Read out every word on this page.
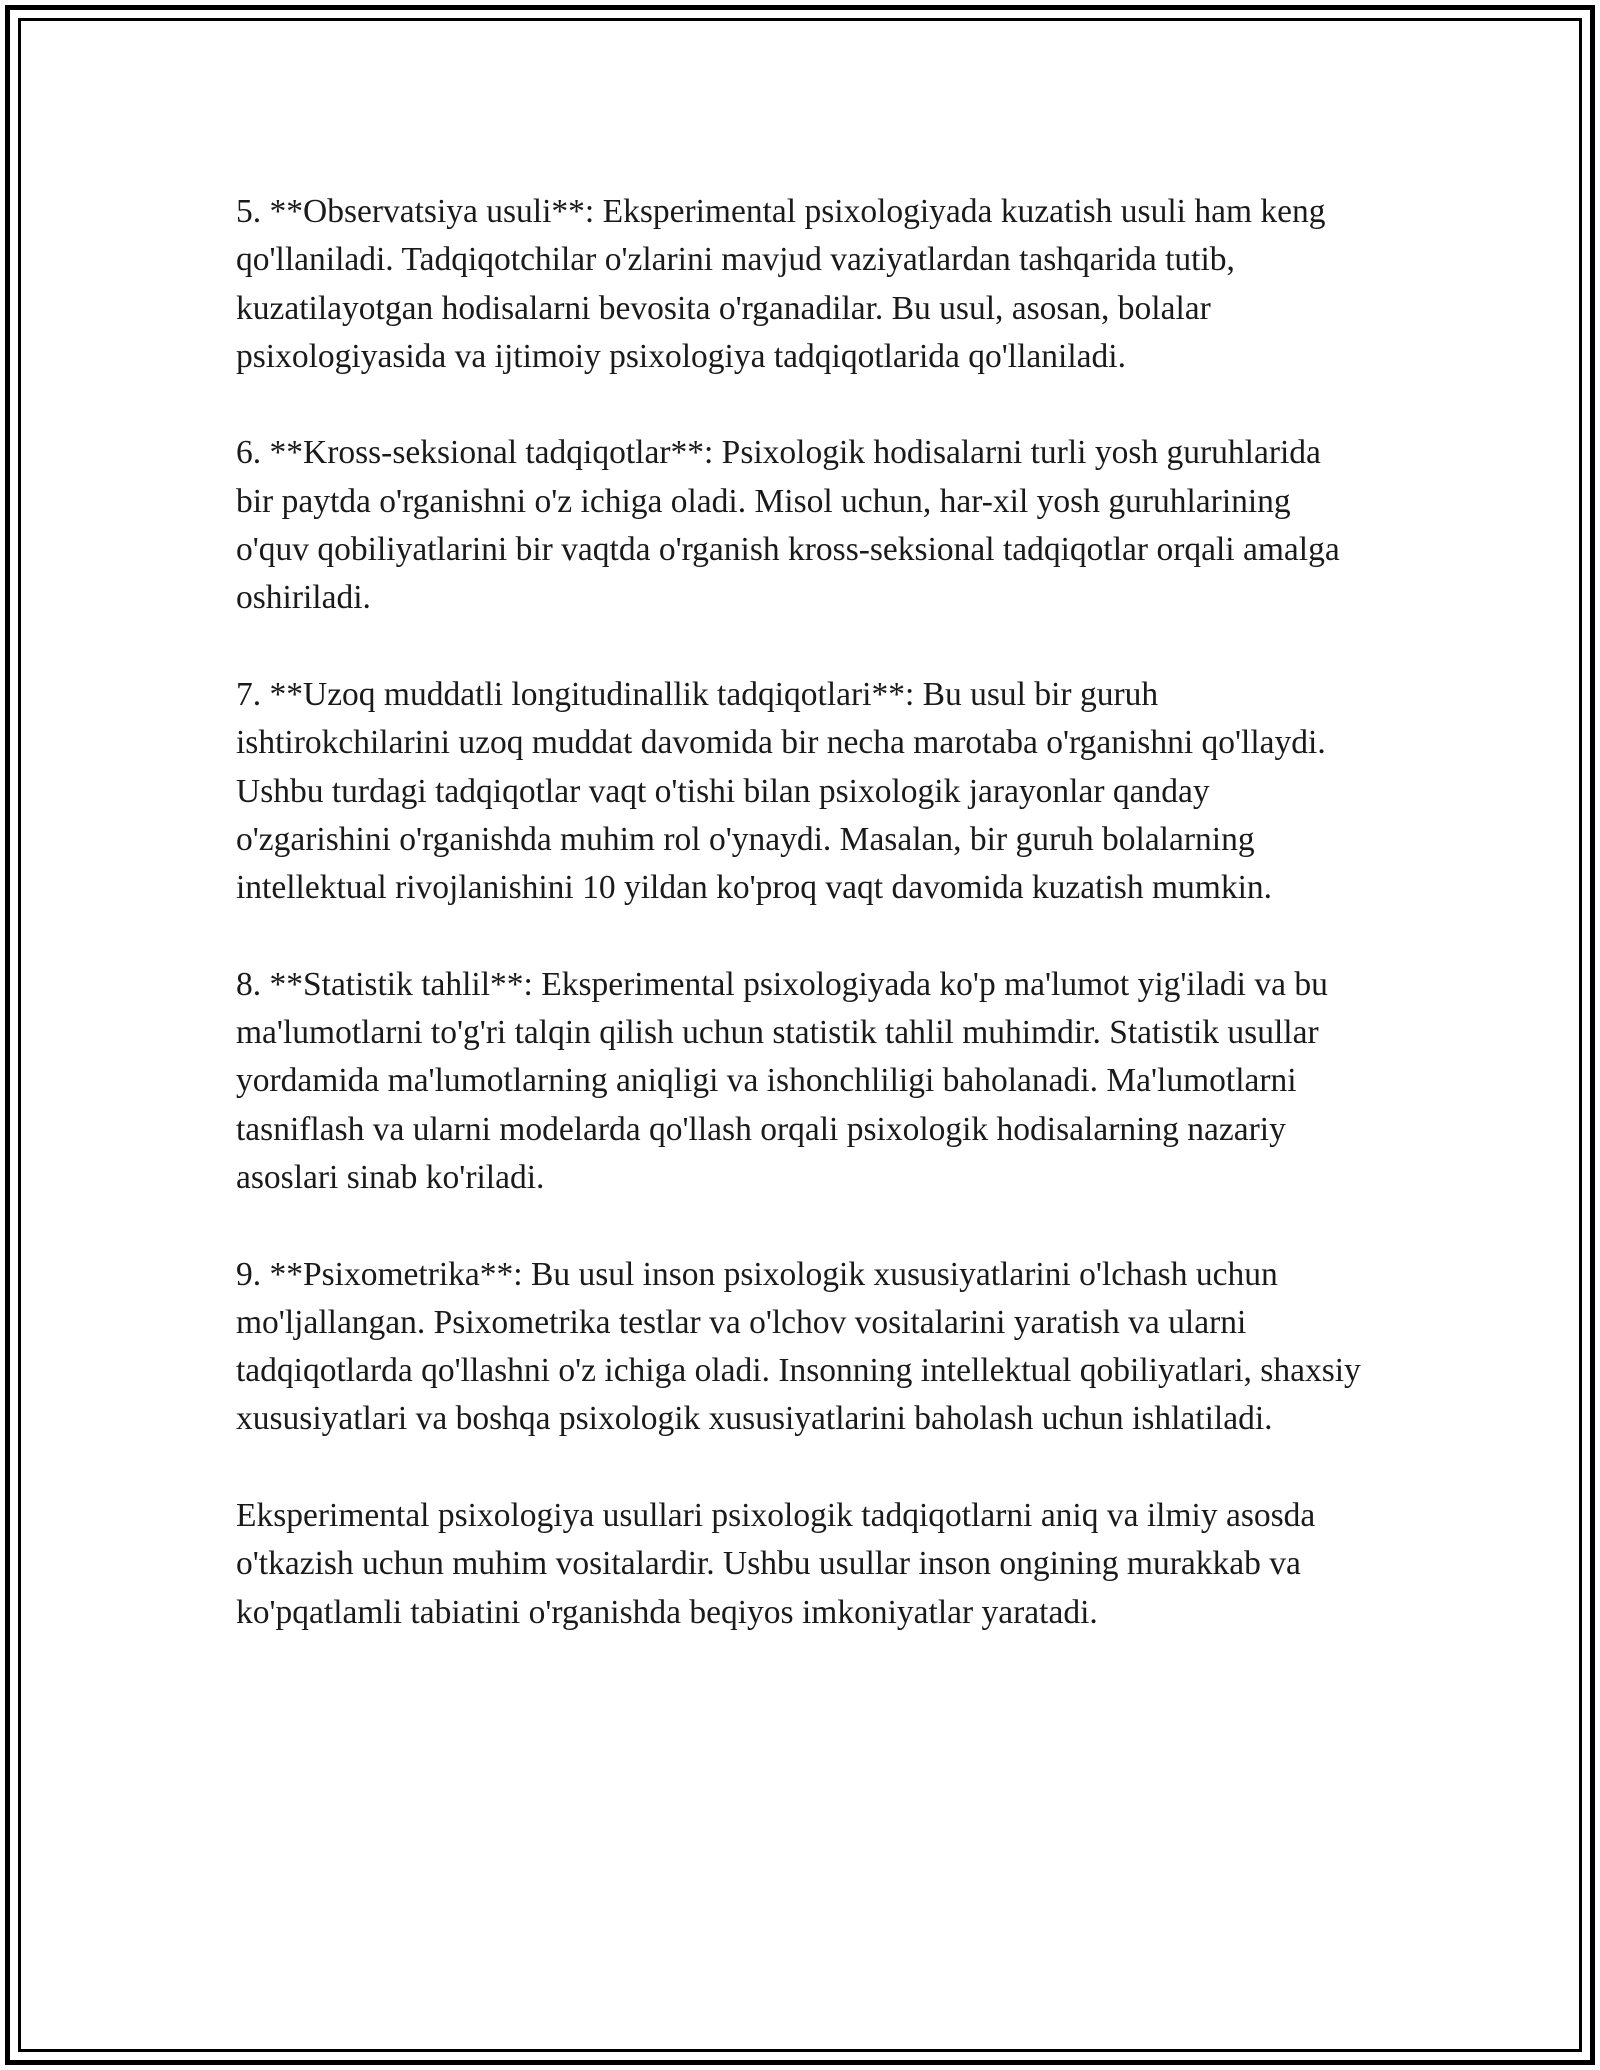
5. **Observatsiya usuli**: Eksperimental psixologiyada kuzatish usuli ham keng qo'llaniladi. Tadqiqotchilar o'zlarini mavjud vaziyatlardan tashqarida tutib, kuzatilayotgan hodisalarni bevosita o'rganadilar. Bu usul, asosan, bolalar psixologiyasida va ijtimoiy psixologiya tadqiqotlarida qo'llaniladi.

6. **Kross-seksional tadqiqotlar**: Psixologik hodisalarni turli yosh guruhlarida bir paytda o'rganishni o'z ichiga oladi. Misol uchun, har-xil yosh guruhlarining o'quv qobiliyatlarini bir vaqtda o'rganish kross-seksional tadqiqotlar orqali amalga oshiriladi.

7. **Uzoq muddatli longitudinallik tadqiqotlari**: Bu usul bir guruh ishtirokchilarini uzoq muddat davomida bir necha marotaba o'rganishni qo'llaydi. Ushbu turdagi tadqiqotlar vaqt o'tishi bilan psixologik jarayonlar qanday o'zgarishini o'rganishda muhim rol o'ynaydi. Masalan, bir guruh bolalarning intellektual rivojlanishini 10 yildan ko'proq vaqt davomida kuzatish mumkin.

8. **Statistik tahlil**: Eksperimental psixologiyada ko'p ma'lumot yig'iladi va bu ma'lumotlarni to'g'ri talqin qilish uchun statistik tahlil muhimdir. Statistik usullar yordamida ma'lumotlarning aniqligi va ishonchliligi baholanadi. Ma'lumotlarni tasniflash va ularni modelarda qo'llash orqali psixologik hodisalarning nazariy asoslari sinab ko'riladi.

9. **Psixometrika**: Bu usul inson psixologik xususiyatlarini o'lchash uchun mo'ljallangan. Psixometrika testlar va o'lchov vositalarini yaratish va ularni tadqiqotlarda qo'llashni o'z ichiga oladi. Insonning intellektual qobiliyatlari, shaxsiy xususiyatlari va boshqa psixologik xususiyatlarini baholash uchun ishlatiladi.

Eksperimental psixologiya usullari psixologik tadqiqotlarni aniq va ilmiy asosda o'tkazish uchun muhim vositalardir. Ushbu usullar inson ongining murakkab va ko'pqatlamli tabiatini o'rganishda beqiyos imkoniyatlar yaratadi.
